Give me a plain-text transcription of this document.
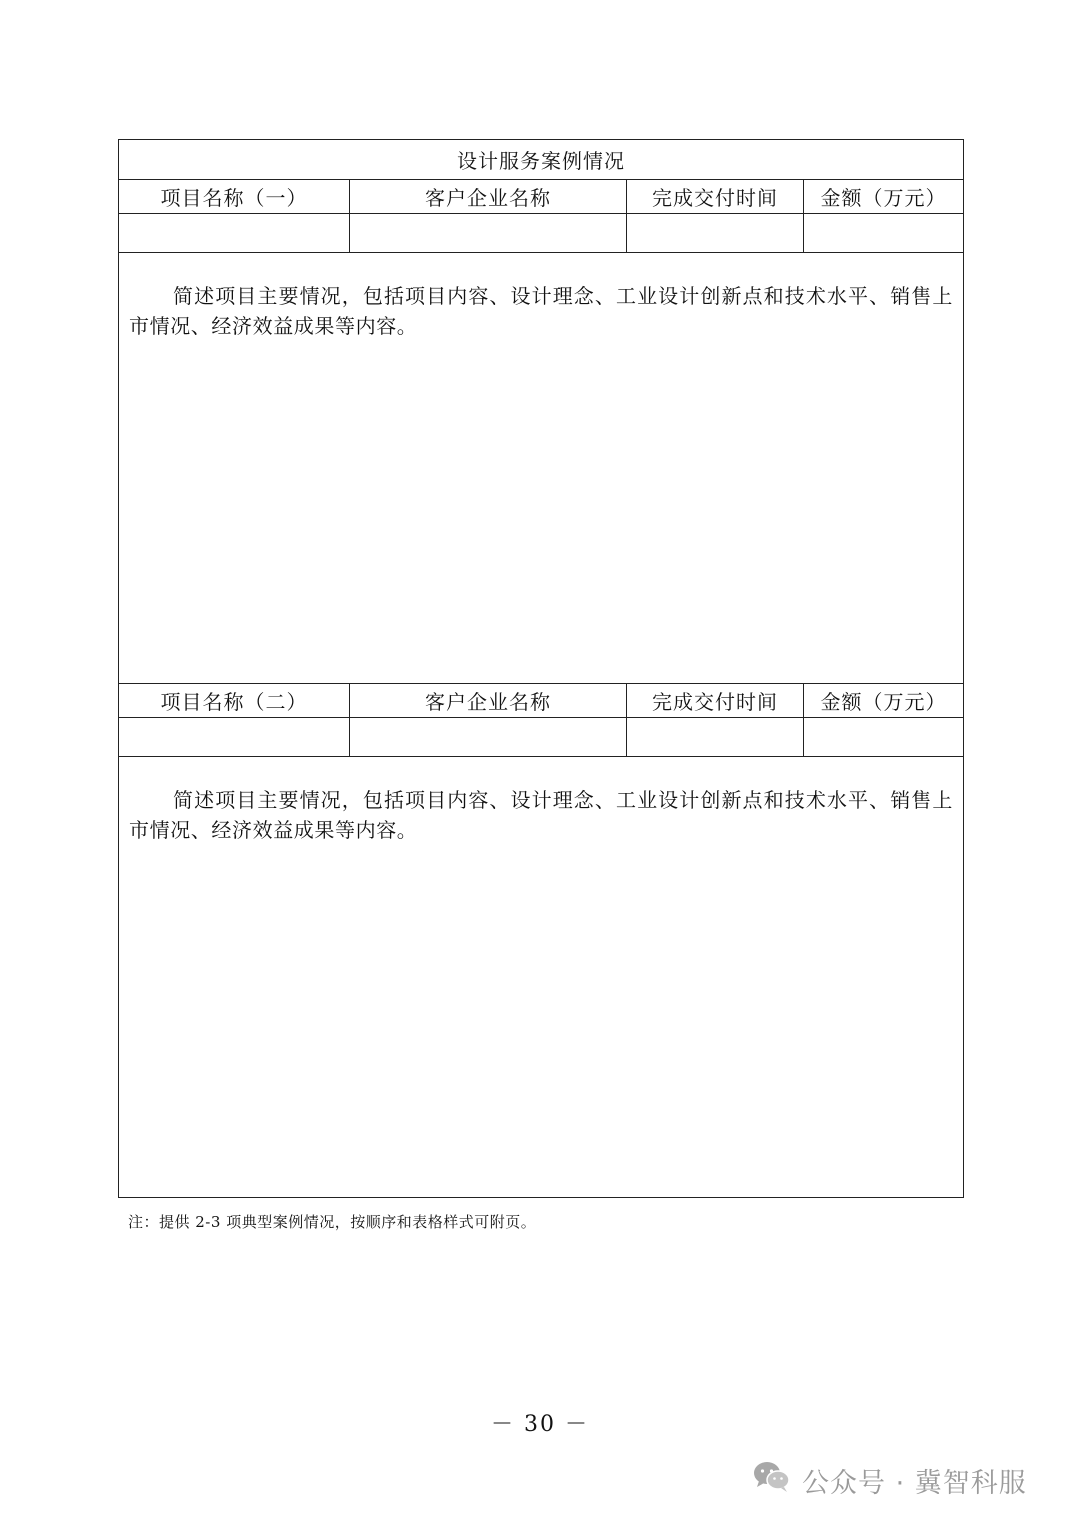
设计服务案例情况			
项目名称（一）	客户企业名称	完成交付时间	金额（万元）

简述项目主要情况，包括项目内容、设计理念、工业设计创新点和技术水平、销售上市情况、经济效益成果等内容。			

项目名称（二）	客户企业名称	完成交付时间	金额（万元）

简述项目主要情况，包括项目内容、设计理念、工业设计创新点和技术水平、销售上市情况、经济效益成果等内容。			

注：提供 2-3 项典型案例情况，按顺序和表格样式可附页。
－ 30 －
公众号 · 冀智科服
